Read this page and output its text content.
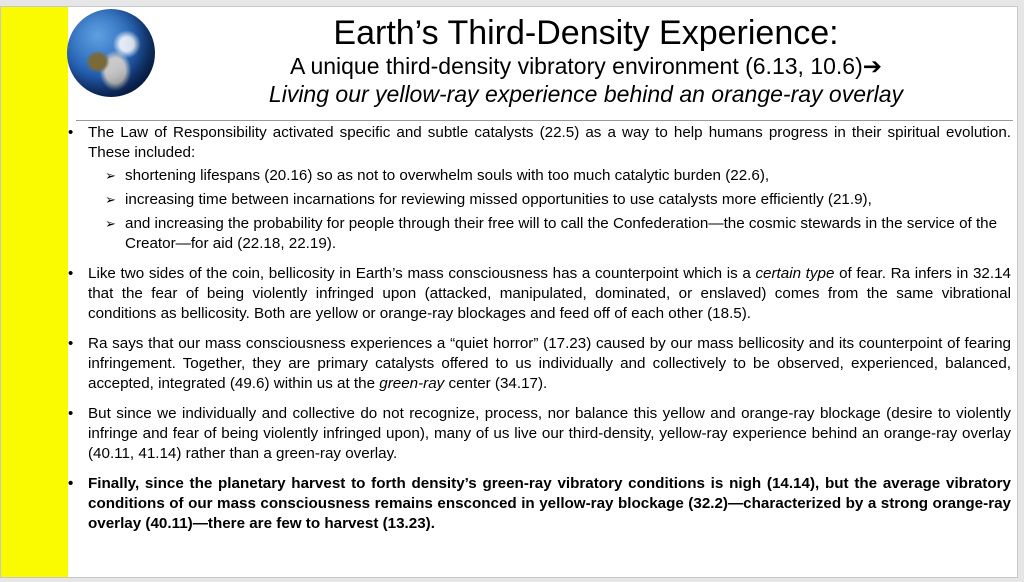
Earth’s Third-Density Experience:
A unique third-density vibratory environment (6.13, 10.6)➔
Living our yellow-ray experience behind an orange-ray overlay
• The Law of Responsibility activated specific and subtle catalysts (22.5) as a way to help humans progress in their spiritual evolution. These included:
➢ shortening lifespans (20.16) so as not to overwhelm souls with too much catalytic burden (22.6),
➢ increasing time between incarnations for reviewing missed opportunities to use catalysts more efficiently (21.9),
➢ and increasing the probability for people through their free will to call the Confederation—the cosmic stewards in the service of the Creator—for aid (22.18, 22.19).
• Like two sides of the coin, bellicosity in Earth’s mass consciousness has a counterpoint which is a certain type of fear. Ra infers in 32.14 that the fear of being violently infringed upon (attacked, manipulated, dominated, or enslaved) comes from the same vibrational conditions as bellicosity. Both are yellow or orange-ray blockages and feed off of each other (18.5).
• Ra says that our mass consciousness experiences a “quiet horror” (17.23) caused by our mass bellicosity and its counterpoint of fearing infringement. Together, they are primary catalysts offered to us individually and collectively to be observed, experienced, balanced, accepted, integrated (49.6) within us at the green-ray center (34.17).
• But since we individually and collective do not recognize, process, nor balance this yellow and orange-ray blockage (desire to violently infringe and fear of being violently infringed upon), many of us live our third-density, yellow-ray experience behind an orange-ray overlay (40.11, 41.14) rather than a green-ray overlay.
• Finally, since the planetary harvest to forth density’s green-ray vibratory conditions is nigh (14.14), but the average vibratory conditions of our mass consciousness remains ensconced in yellow-ray blockage (32.2)—characterized by a strong orange-ray overlay (40.11)—there are few to harvest (13.23).
